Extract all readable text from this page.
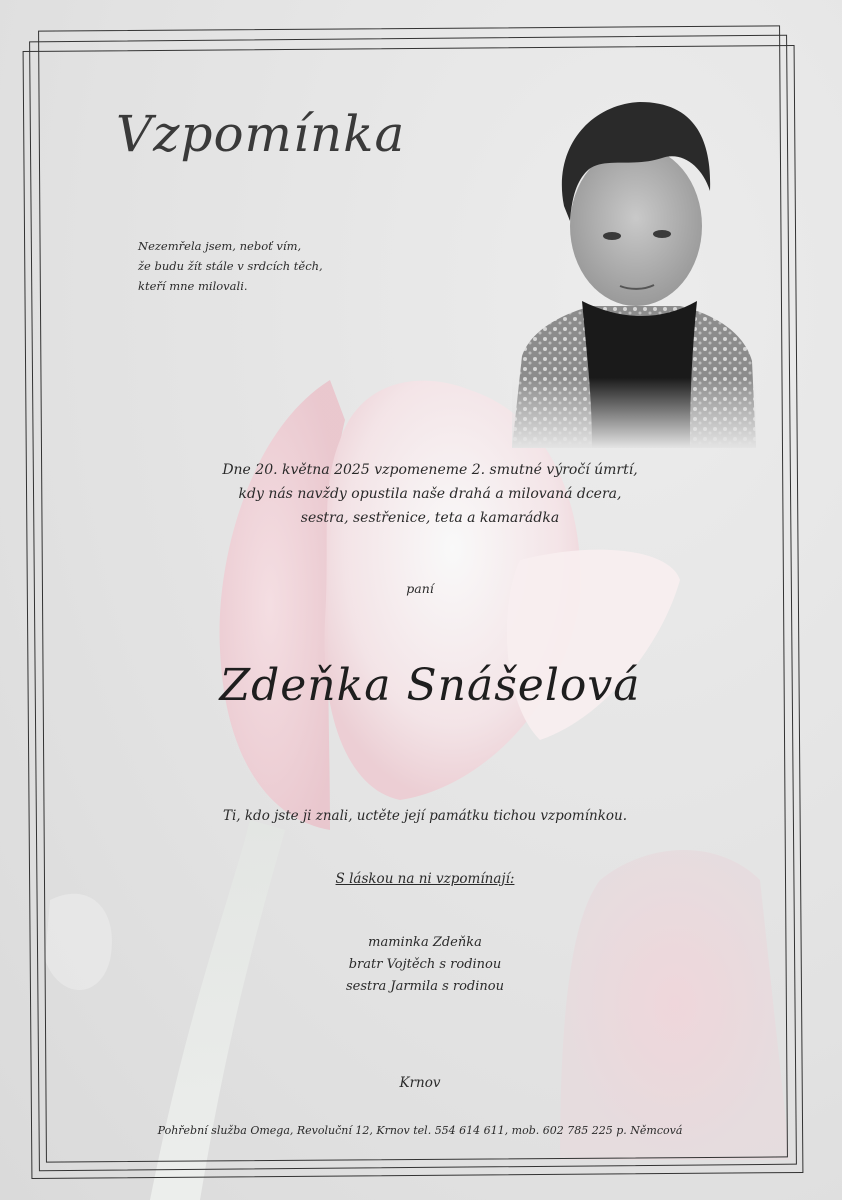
Vzpomínka
Nezemřela jsem, neboť vím,
že budu žít stále v srdcích těch,
kteří mne milovali.
Dne 20. května 2025 vzpomeneme 2. smutné výročí úmrtí,
kdy nás navždy opustila naše drahá a milovaná dcera,
sestra, sestřenice, teta a kamarádka
paní
Zdeňka Snášelová
Ti, kdo jste ji znali, uctěte její památku tichou vzpomínkou.
S láskou na ni vzpomínají:
maminka Zdeňka
bratr Vojtěch s rodinou
sestra Jarmila s rodinou
Krnov
Pohřební služba Omega, Revoluční 12, Krnov tel. 554 614 611, mob. 602 785 225 p. Němcová
